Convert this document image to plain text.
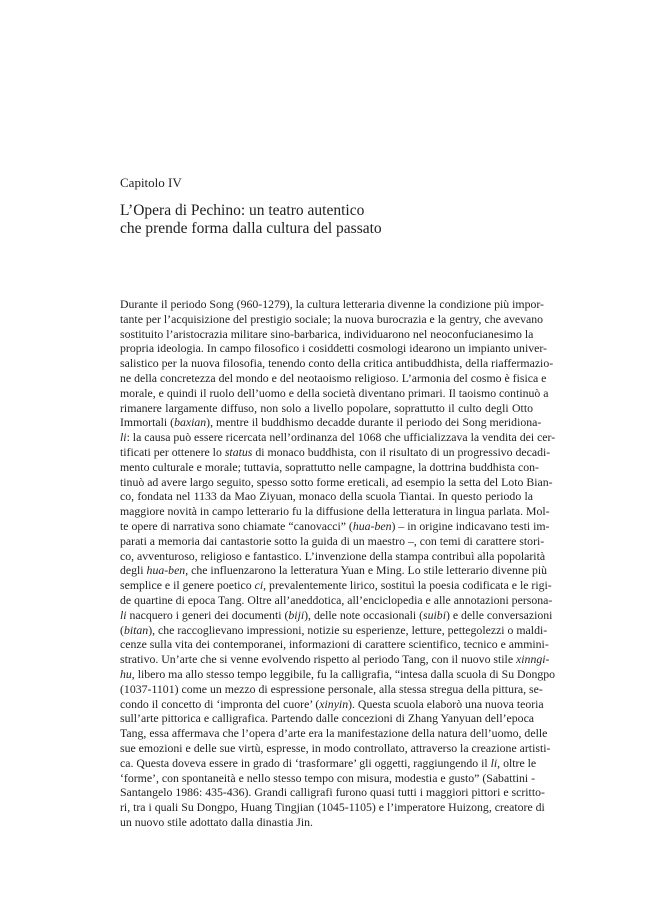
Capitolo IV
L’Opera di Pechino: un teatro autentico
che prende forma dalla cultura del passato
Durante il periodo Song (960-1279), la cultura letteraria divenne la condizione più impor-
tante per l’acquisizione del prestigio sociale; la nuova burocrazia e la gentry, che avevano
sostituito l’aristocrazia militare sino-barbarica, individuarono nel neoconfucianesimo la
propria ideologia. In campo filosofico i cosiddetti cosmologi idearono un impianto univer-
salistico per la nuova filosofia, tenendo conto della critica antibuddhista, della riaffermazio-
ne della concretezza del mondo e del neotaoismo religioso. L’armonia del cosmo è fisica e
morale, e quindi il ruolo dell’uomo e della società diventano primari. Il taoismo continuò a
rimanere largamente diffuso, non solo a livello popolare, soprattutto il culto degli Otto
Immortali (baxian), mentre il buddhismo decadde durante il periodo dei Song meridiona-
li: la causa può essere ricercata nell’ordinanza del 1068 che ufficializzava la vendita dei cer-
tificati per ottenere lo status di monaco buddhista, con il risultato di un progressivo decadi-
mento culturale e morale; tuttavia, soprattutto nelle campagne, la dottrina buddhista con-
tinuò ad avere largo seguito, spesso sotto forme ereticali, ad esempio la setta del Loto Bian-
co, fondata nel 1133 da Mao Ziyuan, monaco della scuola Tiantai. In questo periodo la
maggiore novità in campo letterario fu la diffusione della letteratura in lingua parlata. Mol-
te opere di narrativa sono chiamate “canovacci” (hua-ben) – in origine indicavano testi im-
parati a memoria dai cantastorie sotto la guida di un maestro –, con temi di carattere stori-
co, avventuroso, religioso e fantastico. L’invenzione della stampa contribuì alla popolarità
degli hua-ben, che influenzarono la letteratura Yuan e Ming. Lo stile letterario divenne più
semplice e il genere poetico ci, prevalentemente lirico, sostituì la poesia codificata e le rigi-
de quartine di epoca Tang. Oltre all’aneddotica, all’enciclopedia e alle annotazioni persona-
li nacquero i generi dei documenti (biji), delle note occasionali (suibi) e delle conversazioni
(bitan), che raccoglievano impressioni, notizie su esperienze, letture, pettegolezzi o maldi-
cenze sulla vita dei contemporanei, informazioni di carattere scientifico, tecnico e ammini-
strativo. Un’arte che si venne evolvendo rispetto al periodo Tang, con il nuovo stile xinngi-
hu, libero ma allo stesso tempo leggibile, fu la calligrafia, “intesa dalla scuola di Su Dongpo
(1037-1101) come un mezzo di espressione personale, alla stessa stregua della pittura, se-
condo il concetto di ‘impronta del cuore’ (xinyin). Questa scuola elaborò una nuova teoria
sull’arte pittorica e calligrafica. Partendo dalle concezioni di Zhang Yanyuan dell’epoca
Tang, essa affermava che l’opera d’arte era la manifestazione della natura dell’uomo, delle
sue emozioni e delle sue virtù, espresse, in modo controllato, attraverso la creazione artisti-
ca. Questa doveva essere in grado di ‘trasformare’ gli oggetti, raggiungendo il li, oltre le
‘forme’, con spontaneità e nello stesso tempo con misura, modestia e gusto” (Sabattini -
Santangelo 1986: 435-436). Grandi calligrafi furono quasi tutti i maggiori pittori e scritto-
ri, tra i quali Su Dongpo, Huang Tingjian (1045-1105) e l’imperatore Huizong, creatore di
un nuovo stile adottato dalla dinastia Jin.
